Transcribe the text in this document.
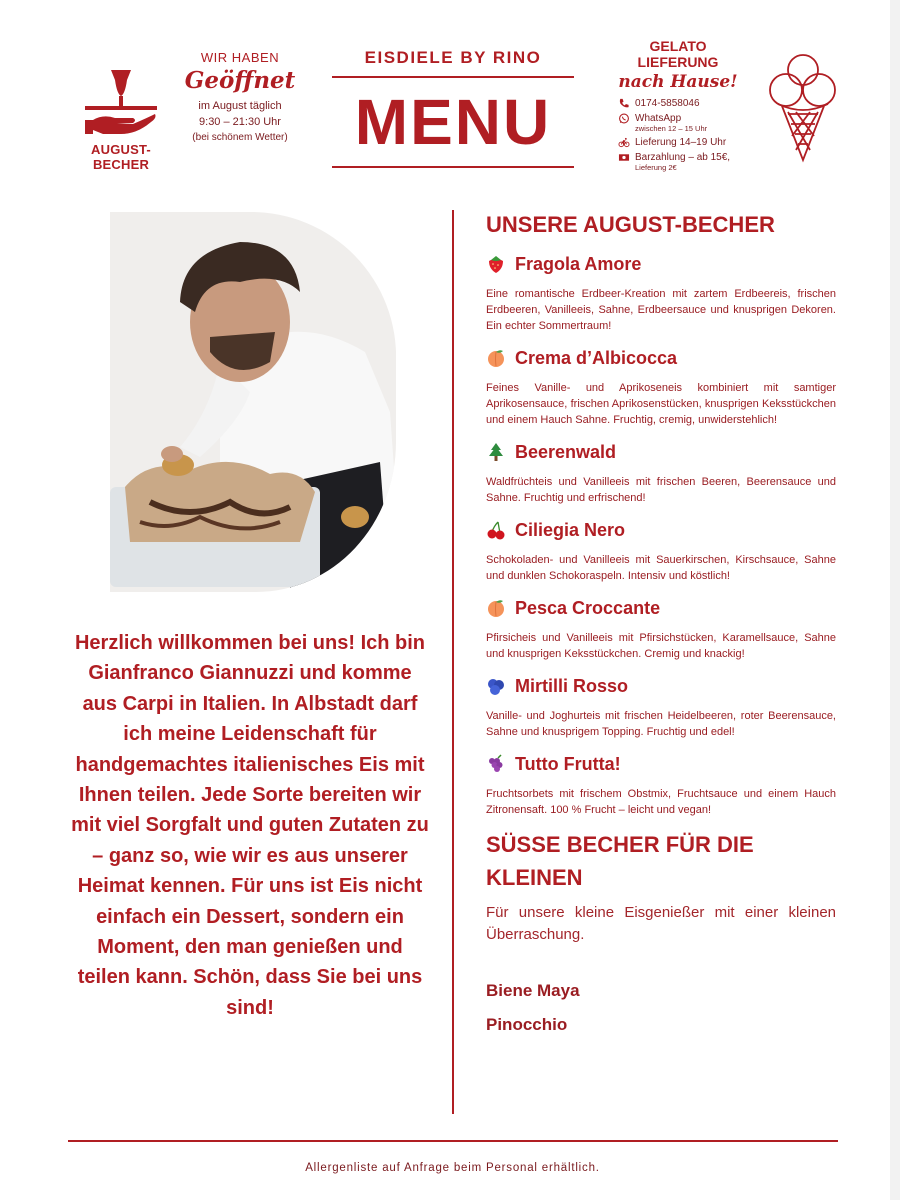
AUGUST-BECHER
WIR HABEN
Geöffnet
im August täglich
9:30 – 21:30 Uhr
(bei schönem Wetter)
EISDIELE BY RINO
MENU
GELATO
LIEFERUNG
nach Hause!
0174-5858046
WhatsApp
zwischen 12 – 15 Uhr
Lieferung 14–19 Uhr
Barzahlung – ab 15€,
Lieferung 2€
Herzlich willkommen bei uns! Ich bin Gianfranco Giannuzzi und komme aus Carpi in Italien. In Albstadt darf ich meine Leidenschaft für handgemachtes italienisches Eis mit Ihnen teilen. Jede Sorte bereiten wir mit viel Sorgfalt und guten Zutaten zu – ganz so, wie wir es aus unserer Heimat kennen. Für uns ist Eis nicht einfach ein Dessert, sondern ein Moment, den man genießen und teilen kann. Schön, dass Sie bei uns sind!
UNSERE AUGUST-BECHER
Fragola Amore
Eine romantische Erdbeer-Kreation mit zartem Erdbeereis, frischen Erdbeeren, Vanilleeis, Sahne, Erdbeersauce und knusprigen Dekoren. Ein echter Sommertraum!
Crema d’Albicocca
Feines Vanille- und Aprikoseneis kombiniert mit samtiger Aprikosensauce, frischen Aprikosenstücken, knusprigen Keksstückchen und einem Hauch Sahne. Fruchtig, cremig, unwiderstehlich!
Beerenwald
Waldfrüchteis und Vanilleeis mit frischen Beeren, Beerensauce und Sahne. Fruchtig und erfrischend!
Ciliegia Nero
Schokoladen- und Vanilleeis mit Sauerkirschen, Kirschsauce, Sahne und dunklen Schokoraspeln. Intensiv und köstlich!
Pesca Croccante
Pfirsicheis und Vanilleeis mit Pfirsichstücken, Karamellsauce, Sahne und knusprigen Keksstückchen. Cremig und knackig!
Mirtilli Rosso
Vanille- und Joghurteis mit frischen Heidelbeeren, roter Beerensauce, Sahne und knusprigem Topping. Fruchtig und edel!
Tutto Frutta!
Fruchtsorbets mit frischem Obstmix, Fruchtsauce und einem Hauch Zitronensaft. 100 % Frucht – leicht und vegan!
SÜSSE BECHER FÜR DIE KLEINEN
Für unsere kleine Eisgenießer mit einer kleinen Überraschung.
Biene Maya
Pinocchio
Allergenliste auf Anfrage beim Personal erhältlich.
